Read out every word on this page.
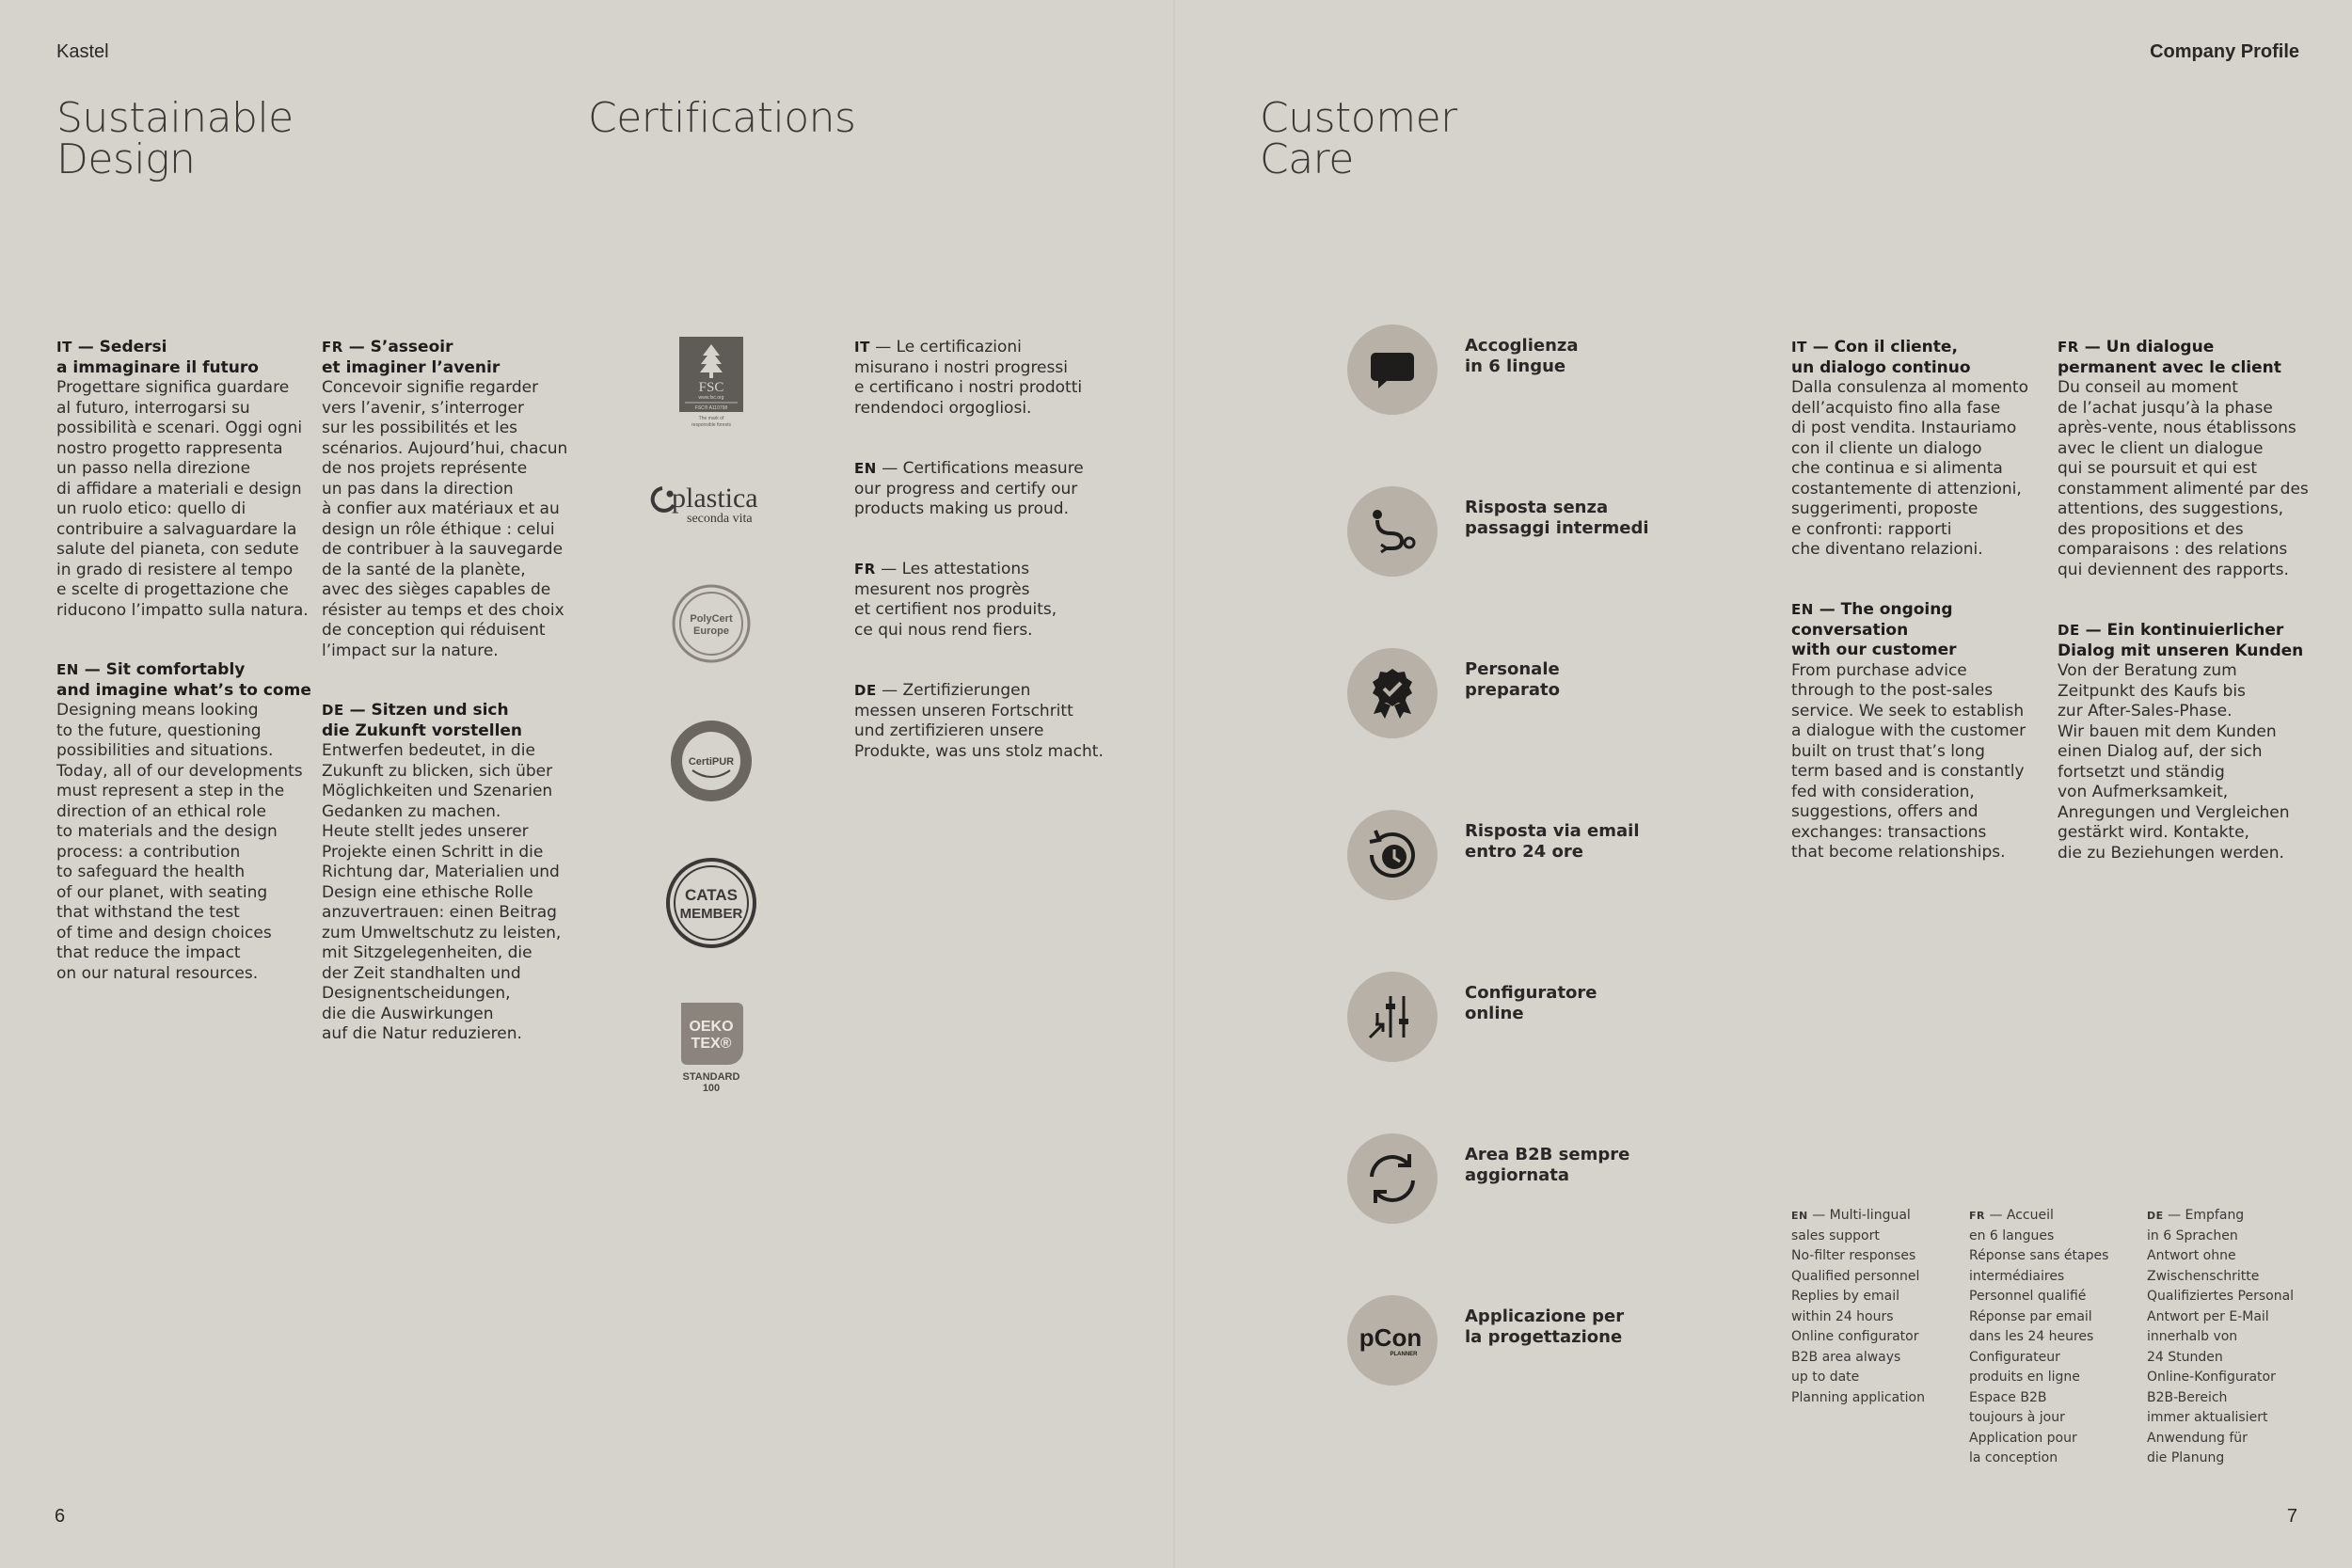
Kastel	Company Profile
6	7
Sustainable
Design
Certifications	Customer
Care
IT — Sedersi
a immaginare il futuro
Progettare significa guardare
al futuro, interrogarsi su
possibilità e scenari. Oggi ogni
nostro progetto rappresenta
un passo nella direzione
di affidare a materiali e design
un ruolo etico: quello di
contribuire a salvaguardare la
salute del pianeta, con sedute
in grado di resistere al tempo
e scelte di progettazione che
riducono l’impatto sulla natura.
EN — Sit comfortably
and imagine what’s to come
Designing means looking
to the future, questioning
possibilities and situations.
Today, all of our developments
must represent a step in the
direction of an ethical role
to materials and the design
process: a contribution
to safeguard the health
of our planet, with seating
that withstand the test
of time and design choices
that reduce the impact
on our natural resources.
FR — S’asseoir
et imaginer l’avenir
Concevoir signifie regarder
vers l’avenir, s’interroger
sur les possibilités et les
scénarios. Aujourd’hui, chacun
de nos projets représente
un pas dans la direction
à confier aux matériaux et au
design un rôle éthique : celui
de contribuer à la sauvegarde
de la santé de la planète,
avec des sièges capables de
résister au temps et des choix
de conception qui réduisent
l’impact sur la nature.
DE — Sitzen und sich
die Zukunft vorstellen
Entwerfen bedeutet, in die
Zukunft zu blicken, sich über
Möglichkeiten und Szenarien
Gedanken zu machen.
Heute stellt jedes unserer
Projekte einen Schritt in die
Richtung dar, Materialien und
Design eine ethische Rolle
anzuvertrauen: einen Beitrag
zum Umweltschutz zu leisten,
mit Sitzgelegenheiten, die
der Zeit standhalten und
Designentscheidungen,
die die Auswirkungen
auf die Natur reduzieren.
FSC
www.fsc.org
FSC® A110798
The mark of
responsible forests
plastica
seconda vita
PolyCert
Europe
CertiPUR
CATAS
MEMBER
OEKO
TEX®
STANDARD
100
IT — Le certificazioni
misurano i nostri progressi
e certificano i nostri prodotti
rendendoci orgogliosi.
EN — Certifications measure
our progress and certify our
products making us proud.
FR — Les attestations
mesurent nos progrès
et certifient nos produits,
ce qui nous rend fiers.
DE — Zertifizierungen
messen unseren Fortschritt
und zertifizieren unsere
Produkte, was uns stolz macht.
Accoglienza
in 6 lingue
Risposta senza
passaggi intermedi
Personale
preparato
Risposta via email
entro 24 ore
Configuratore
online
Area B2B sempre
aggiornata
pCon
PLANNER
Applicazione per
la progettazione
IT — Con il cliente,
un dialogo continuo
Dalla consulenza al momento
dell’acquisto fino alla fase
di post vendita. Instauriamo
con il cliente un dialogo
che continua e si alimenta
costantemente di attenzioni,
suggerimenti, proposte
e confronti: rapporti
che diventano relazioni.
EN — The ongoing
conversation
with our customer
From purchase advice
through to the post-sales
service. We seek to establish
a dialogue with the customer
built on trust that’s long
term based and is constantly
fed with consideration,
suggestions, offers and
exchanges: transactions
that become relationships.
FR — Un dialogue
permanent avec le client
Du conseil au moment
de l’achat jusqu’à la phase
après-vente, nous établissons
avec le client un dialogue
qui se poursuit et qui est
constamment alimenté par des
attentions, des suggestions,
des propositions et des
comparaisons : des relations
qui deviennent des rapports.
DE — Ein kontinuierlicher
Dialog mit unseren Kunden
Von der Beratung zum
Zeitpunkt des Kaufs bis
zur After-Sales-Phase.
Wir bauen mit dem Kunden
einen Dialog auf, der sich
fortsetzt und ständig
von Aufmerksamkeit,
Anregungen und Vergleichen
gestärkt wird. Kontakte,
die zu Beziehungen werden.
EN — Multi-lingual
sales support
No-filter responses
Qualified personnel
Replies by email
within 24 hours
Online configurator
B2B area always
up to date
Planning application
FR — Accueil
en 6 langues
Réponse sans étapes
intermédiaires
Personnel qualifié
Réponse par email
dans les 24 heures
Configurateur
produits en ligne
Espace B2B
toujours à jour
Application pour
la conception
DE — Empfang
in 6 Sprachen
Antwort ohne
Zwischenschritte
Qualifiziertes Personal
Antwort per E-Mail
innerhalb von
24 Stunden
Online-Konfigurator
B2B-Bereich
immer aktualisiert
Anwendung für
die Planung
